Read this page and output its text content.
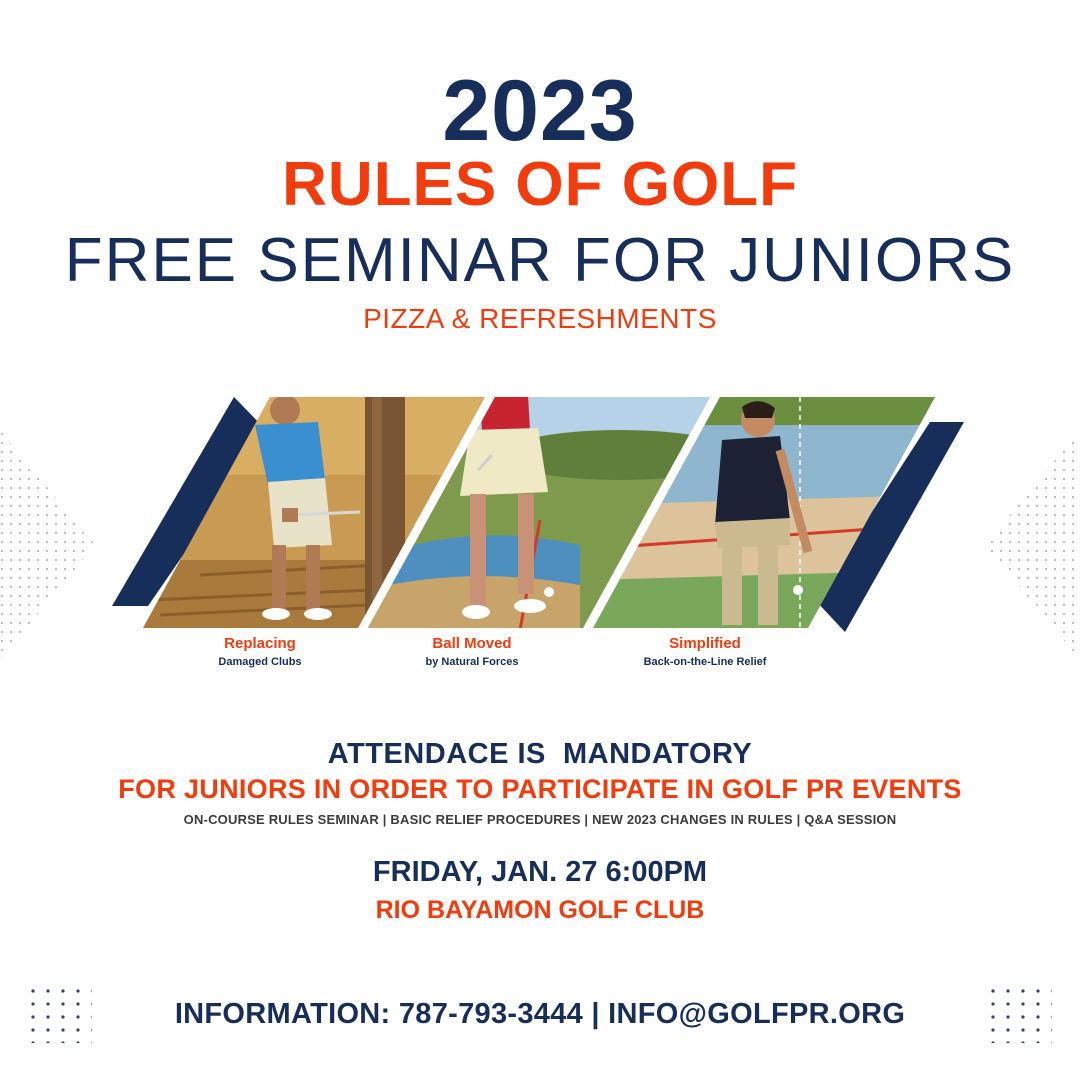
2023
RULES OF GOLF
FREE SEMINAR FOR JUNIORS
PIZZA & REFRESHMENTS
Replacing
Damaged Clubs
Ball Moved
by Natural Forces
Simplified
Back-on-the-Line Relief
ATTENDACE IS  MANDATORY
FOR JUNIORS IN ORDER TO PARTICIPATE IN GOLF PR EVENTS
ON-COURSE RULES SEMINAR | BASIC RELIEF PROCEDURES | NEW 2023 CHANGES IN RULES | Q&A SESSION
FRIDAY, JAN. 27 6:00PM
RIO BAYAMON GOLF CLUB
INFORMATION: 787-793-3444 | INFO@GOLFPR.ORG
